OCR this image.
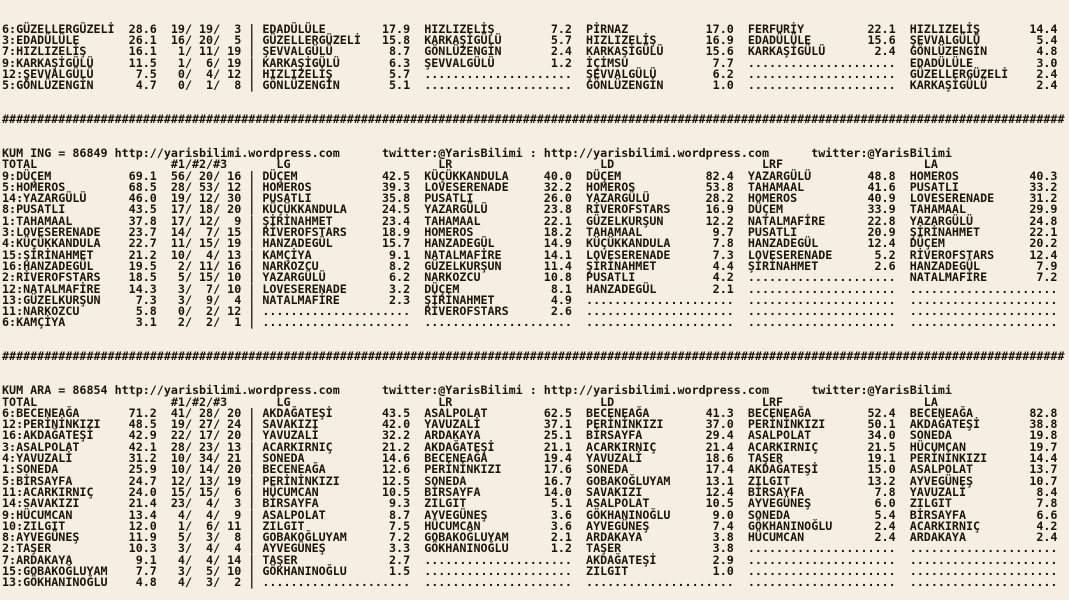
6:GÜZELLERGÜZELİ  28.6  19/ 19/  3 | EDADÜLÜLE        17.9  HIZLIZELİŞ        7.2  PİRNAZ           17.0  FERFURİY         22.1  HIZLIZELİŞ       14.4
3:EDADÜLÜLE       26.1  16/ 20/  5 | GÜZELLERGÜZELİ   15.8  KARKAŞİGÜLÜ       5.7  HIZLIZELİŞ       16.9  EDADÜLÜLE        15.6  ŞEVVALGÜLÜ        5.4
7:HIZLIZELİŞ      16.1   1/ 11/ 19 | ŞEVVALGÜLÜ        8.7  GÖNLÜZENGİN       2.4  KARKAŞİGÜLÜ      15.6  KARKAŞİGÜLÜ       2.4  GÖNLÜZENGİN       4.8
9:KARKAŞİGÜLÜ     11.5   1/  6/ 19 | KARKAŞİGÜLÜ       6.3  ŞEVVALGÜLÜ        1.2  İÇİMSU            7.7  .....................  EDADÜLÜLE         3.0
12:ŞEVVALGÜLÜ      7.5   0/  4/ 12 | HIZLIZELİŞ        5.7  .....................  ŞEVVALGÜLÜ        6.2  .....................  GÜZELLERGÜZELİ    2.4
5:GÖNLÜZENGİN      4.7   0/  1/  8 | GÖNLÜZENGİN       5.1  .....................  GÖNLÜZENGİN       1.0  .....................  KARKAŞİGÜLÜ       2.4

#######################################################################################################################################################

KUM ING = 86849 http://yarisbilimi.wordpress.com      twitter:@YarisBilimi : http://yarisbilimi.wordpress.com      twitter:@YarisBilimi
TOTAL                   #1/#2/#3       LG                     LR                     LD                     LRF                    LA
9:DÜÇEM           69.1  56/ 20/ 16 | DÜÇEM            42.5  KÜÇÜKKANDULA     40.0  DÜÇEM            82.4  YAZARGÜLÜ        48.8  HOMEROS          40.3
5:HOMEROS         68.5  28/ 53/ 12 | HOMEROS          39.3  LOVESERENADE     32.2  HOMEROS          53.8  TAHAMAAL         41.6  PUSATLI          33.2
14:YAZARGÜLÜ      46.0  19/ 12/ 30 | PUSATLI          35.8  PUSATLI          26.0  YAZARGÜLÜ        28.2  HOMEROS          40.9  LOVESERENADE     31.2
8:PUSATLI         43.5  17/ 18/ 20 | KÜÇÜKKANDULA     24.5  YAZARGÜLÜ        23.8  RİVEROFSTARS     16.9  DÜÇEM            33.9  TAHAMAAL         29.9
1:TAHAMAAL        37.8  17/ 12/  9 | ŞİRİNAHMET       23.4  TAHAMAAL         22.1  GÜZELKURŞUN      12.2  NATALMAFİRE      22.8  YAZARGÜLÜ        24.8
3:LOVESERENADE    23.7  14/  7/ 15 | RİVEROFSTARS     18.9  HOMEROS          18.2  TAHAMAAL          9.7  PUSATLI          20.9  ŞİRİNAHMET       22.1
4:KÜÇÜKKANDULA    22.7  11/ 15/ 19 | HANZADEGÜL       15.7  HANZADEGÜL       14.9  KÜÇÜKKANDULA      7.8  HANZADEGÜL       12.4  DÜÇEM            20.2
15:ŞİRİNAHMET     21.2  10/  4/ 13 | KAMÇİYA           9.1  NATALMAFİRE      14.1  LOVESERENADE      7.3  LOVESERENADE      5.2  RİVEROFSTARS     12.4
16:HANZADEGÜL     19.5   2/ 11/ 16 | NARKOZCU          8.2  GÜZELKURŞUN      11.4  ŞİRİNAHMET        4.4  ŞİRİNAHMET        2.6  HANZADEGÜL        7.9
2:RİVEROFSTARS    18.5   5/ 15/ 10 | YAZARGÜLÜ         6.2  NARKOZCU         10.8  PUSATLI           4.2  .....................  NATALMAFİRE       7.2
12:NATALMAFİRE    14.3   3/  7/ 10 | LOVESERENADE      3.2  DÜÇEM             8.1  HANZADEGÜL        2.1  .....................  .....................
13:GÜZELKURŞUN     7.3   3/  9/  4 | NATALMAFİRE       2.3  ŞİRİNAHMET        4.9  .....................  .....................  .....................
11:NARKOZCU        5.8   0/  2/ 12 | .....................  RİVEROFSTARS      2.6  .....................  .....................  .....................
6:KAMÇİYA          3.1   2/  2/  1 | .....................  .....................  .....................  .....................  .....................

#######################################################################################################################################################

KUM ARA = 86854 http://yarisbilimi.wordpress.com      twitter:@YarisBilimi : http://yarisbilimi.wordpress.com      twitter:@YarisBilimi
TOTAL                   #1/#2/#3       LG                     LR                     LD                     LRF                    LA
6:BECENEAĞA       71.2  41/ 28/ 20 | AKDAĞATEŞİ       43.5  ASALPOLAT        62.5  BECENEAĞA        41.3  BECENEAĞA        52.4  BECENEAĞA        82.8
12:PERİNİNKIZI    48.5  19/ 27/ 24 | SAVAKIZI         42.0  YAVUZALİ         37.1  PERİNİNKIZI      37.0  PERİNİNKIZI      50.1  AKDAĞATEŞİ       38.8
16:AKDAĞATEŞİ     42.9  22/ 17/ 20 | YAVUZALİ         32.2  ARDAKAYA         25.1  BİRSAYFA         29.4  ASALPOLAT        34.0  SONEDA           19.8
3:ASALPOLAT       42.1  28/ 23/ 13 | ACARKIRNIÇ       21.2  AKDAĞATEŞİ       21.1  ACARKIRNIÇ       21.4  ACARKIRNIÇ       21.5  HÜCUMCAN         19.7
4:YAVUZALİ        31.2  10/ 34/ 21 | SONEDA           14.6  BECENEAĞA        19.4  YAVUZALİ         18.6  TAŞER            19.1  PERİNİNKIZI      14.4
1:SONEDA          25.9  10/ 14/ 20 | BECENEAĞA        12.6  PERİNİNKIZI      17.6  SONEDA           17.4  AKDAĞATEŞİ       15.0  ASALPOLAT        13.7
5:BİRSAYFA        24.7  12/ 13/ 19 | PERİNİNKIZI      12.5  SONEDA           16.7  GOBAKOĞLUYAM     13.1  ZILGIT           13.2  AYVEGÜNEŞ        10.7
11:ACARKIRNIÇ     24.0  15/ 15/  6 | HÜCUMCAN         10.5  BİRSAYFA         14.0  SAVAKIZI         12.4  BİRSAYFA          7.8  YAVUZALİ          8.4
14:SAVAKIZI       21.4  23/  4/  3 | BİRSAYFA          9.3  ZILGIT            5.1  ASALPOLAT        10.5  AYVEGÜNEŞ         6.0  ZILGIT            7.8
9:HÜCUMCAN        13.4   4/  4/  9 | ASALPOLAT         8.7  AYVEGÜNEŞ         3.6  GÖKHANINOĞLU      9.0  SONEDA            5.4  BİRSAYFA          6.6
10:ZILGIT         12.0   1/  6/ 11 | ZILGIT            7.5  HÜCUMCAN          3.6  AYVEGÜNEŞ         7.4  GÖKHANINOĞLU      2.4  ACARKIRNIÇ        4.2
8:AYVEGÜNEŞ       11.9   5/  3/  8 | GOBAKOĞLUYAM      7.2  GOBAKOĞLUYAM      2.1  ARDAKAYA          3.8  HÜCUMCAN          2.4  ARDAKAYA          2.4
2:TAŞER           10.3   3/  4/  4 | AYVEGÜNEŞ         3.3  GÖKHANINOĞLU      1.2  TAŞER             3.8  .....................  .....................
7:ARDAKAYA         9.1   4/  4/ 14 | TAŞER             2.7  .....................  AKDAĞATEŞİ        2.9  .....................  .....................
15:GOBAKOĞLUYAM    7.7   3/  5/ 10 | GÖKHANINOĞLU      1.5  .....................  ZILGIT            1.0  .....................  .....................
13:GÖKHANINOĞLU    4.8   4/  3/  2 | .....................  .....................  .....................  .....................  .....................
